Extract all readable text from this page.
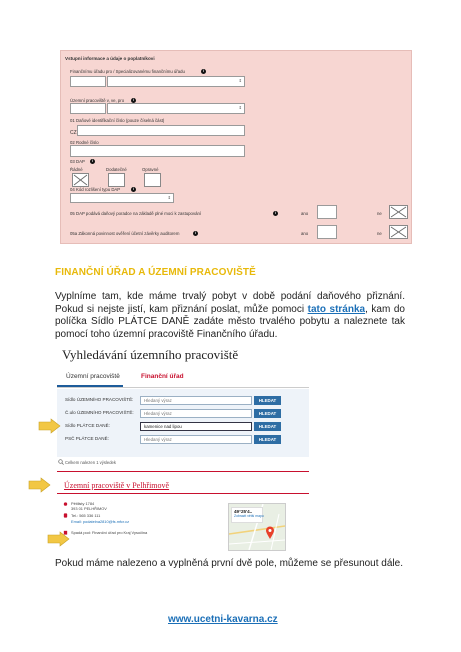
Vstupní informace a údaje o poplatníkovi
Finančnímu úřadu pro / Specializovanému finančnímu úřadu	i
⇕
Územní pracoviště v, ve, pro	i
⇕
01 Daňové identifikační číslo (pouze číselná část)
CZ
02 Rodné číslo
03 DAP	i
Řádné	Dodatečné	Opravné
04 Kód rozlišení typu DAP	i
⇕
05 DAP podává daňový poradce na základě plné moci k zastupování	i	ano	ne
05a Zákonná povinnost ověření účetní závěrky auditorem	i	ano	ne
FINANČNÍ ÚŘAD A ÚZEMNÍ PRACOVIŠTĚ
Vyplníme tam, kde máme trvalý pobyt v době podání daňového přiznání. Pokud si nejste jistí, kam přiznání poslat, může pomoci tato stránka, kam do políčka Sídlo PLÁTCE DANĚ zadáte město trvalého pobytu a naleznete tak pomocí toho územní pracoviště Finančního úřadu.
Vyhledávání územního pracoviště
Územní pracoviště	Finanční úřad
Sídlo ÚZEMNÍHO PRACOVIŠTĚ:	Hledaný výraz	HLEDAT
Č.ulo ÚZEMNÍHO PRACOVIŠTĚ:	Hledaný výraz	HLEDAT
Sídlo PLÁTCE DANĚ:	kamenice nad lipou	HLEDAT
PSČ PLÁTCE DANĚ:	Hledaný výraz	HLEDAT
Celkem nalezen 1 výsledek
Územní pracoviště v Pelhřimově
Pětilisty 1784
393 01 PELHŘIMOV
Tel.: 565 336 111
Email: podatelna2810@fs.mfcr.cz
Spadá pod: Finanční úřad pro Kraj Vysočina
49°25'4..
Zobrazit větší mapu
Pokud máme nalezeno a vyplněná první dvě pole, můžeme se přesunout dále.
www.ucetni-kavarna.cz
